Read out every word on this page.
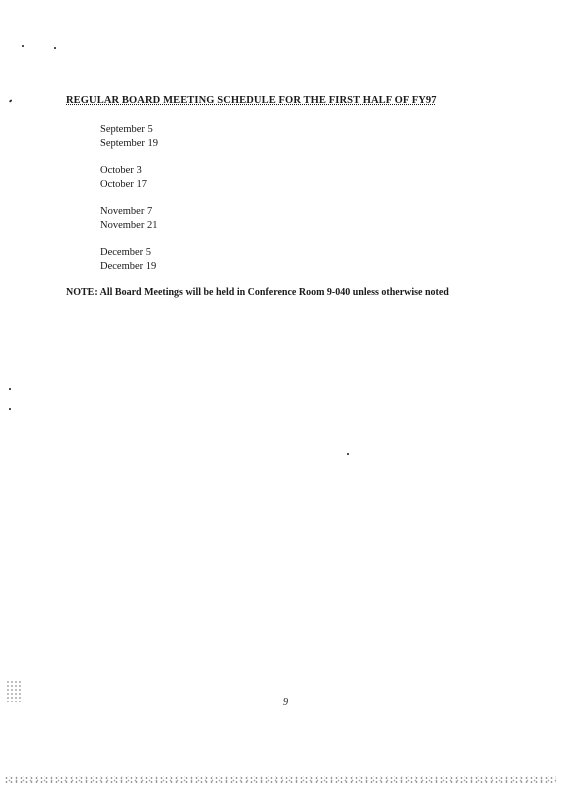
REGULAR BOARD MEETING SCHEDULE FOR THE FIRST HALF OF FY97
September 5
September 19
October 3
October 17
November 7
November 21
December 5
December 19
NOTE: All Board Meetings will be held in Conference Room 9-040 unless otherwise noted
9
